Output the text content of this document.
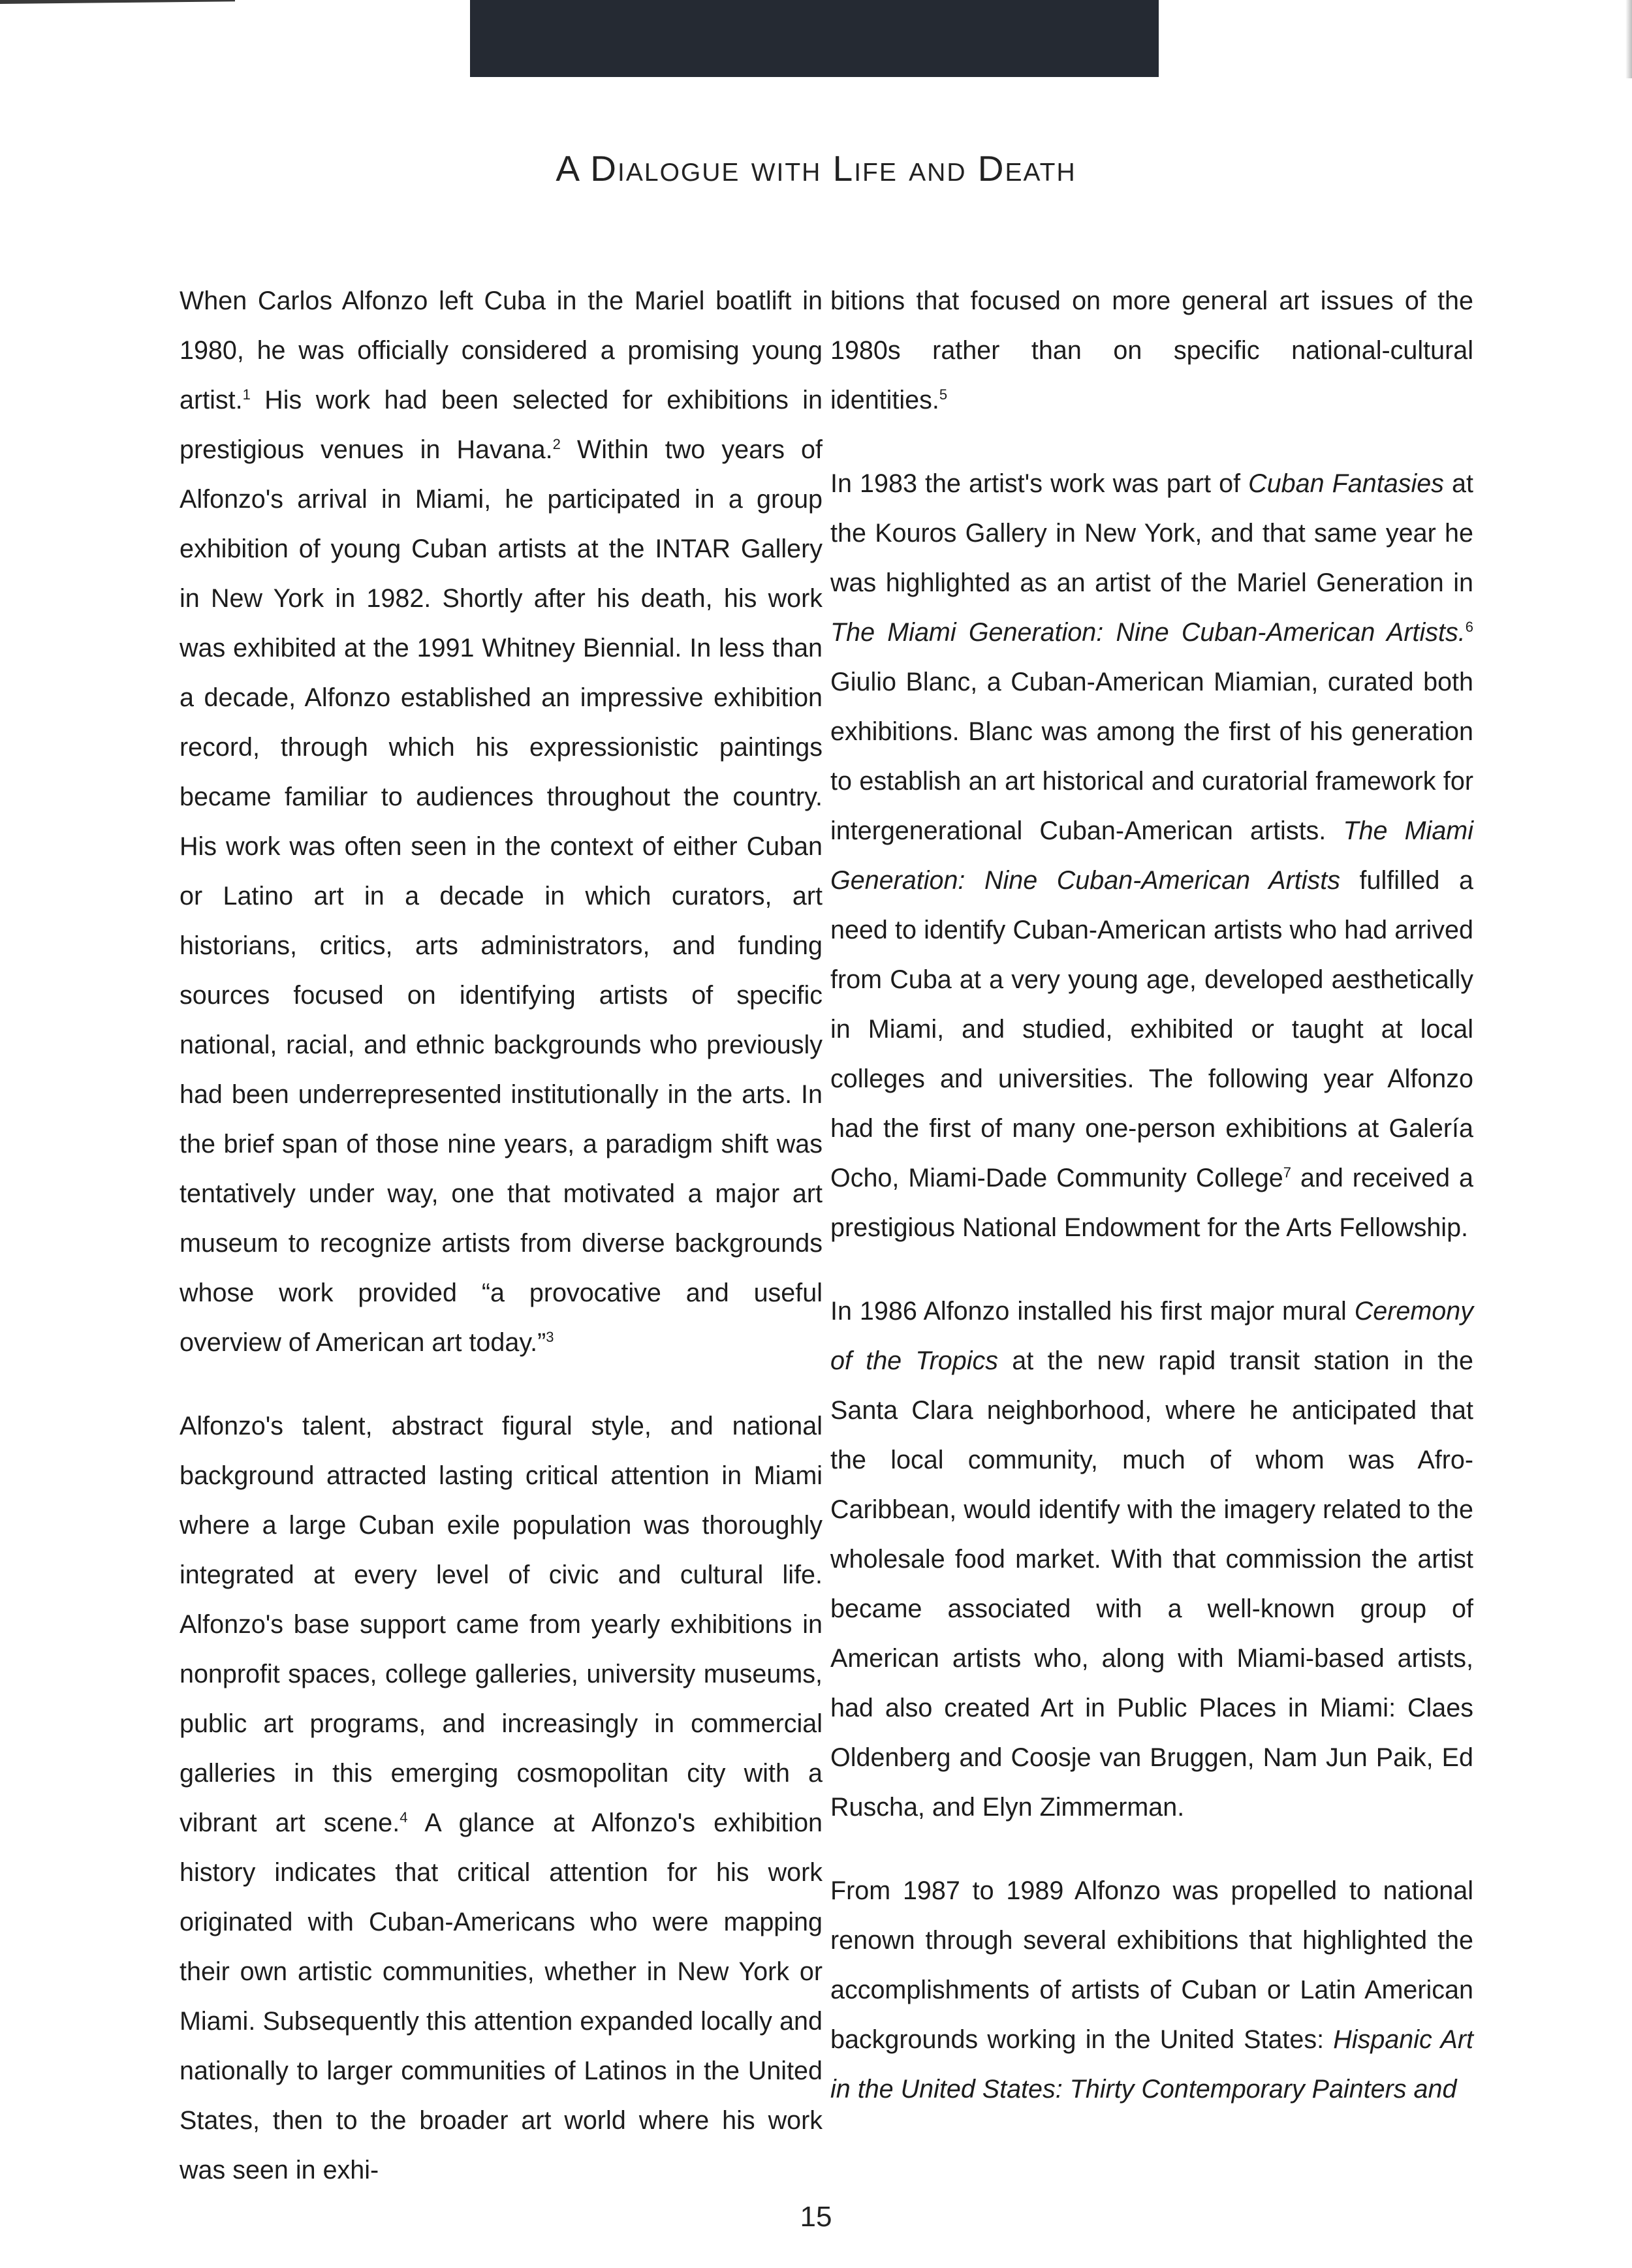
A Dialogue with Life and Death

When Carlos Alfonzo left Cuba in the Mariel boatlift in 1980, he was officially considered a promising young artist.$^1$ His work had been selected for exhibitions in prestigious venues in Havana.$^2$ Within two years of Alfonzo's arrival in Miami, he participated in a group exhibition of young Cuban artists at the INTAR Gallery in New York in 1982. Shortly after his death, his work was exhibited at the 1991 Whitney Biennial. In less than a decade, Alfonzo established an impressive exhibition record, through which his expressionistic paintings became familiar to audiences throughout the country. His work was often seen in the context of either Cuban or Latino art in a decade in which curators, art historians, critics, arts administrators, and funding sources focused on identifying artists of specific national, racial, and ethnic backgrounds who previously had been underrepresented institutionally in the arts. In the brief span of those nine years, a paradigm shift was tentatively under way, one that motivated a major art museum to recognize artists from diverse backgrounds whose work provided “a provocative and useful overview of American art today.”$^3$

Alfonzo's talent, abstract figural style, and national background attracted lasting critical attention in Miami where a large Cuban exile population was thoroughly integrated at every level of civic and cultural life. Alfonzo's base support came from yearly exhibitions in nonprofit spaces, college galleries, university museums, public art programs, and increasingly in commercial galleries in this emerging cosmopolitan city with a vibrant art scene.$^4$ A glance at Alfonzo's exhibition history indicates that critical attention for his work originated with Cuban-Americans who were mapping their own artistic communities, whether in New York or Miami. Subsequently this attention expanded locally and nationally to larger communities of Latinos in the United States, then to the broader art world where his work was seen in exhi-

bitions that focused on more general art issues of the 1980s rather than on specific national-cultural identities.$^5$

In 1983 the artist's work was part of Cuban Fantasies at the Kouros Gallery in New York, and that same year he was highlighted as an artist of the Mariel Generation in The Miami Generation: Nine Cuban-American Artists.$^6$ Giulio Blanc, a Cuban-American Miamian, curated both exhibitions. Blanc was among the first of his generation to establish an art historical and curatorial framework for intergenerational Cuban-American artists. The Miami Generation: Nine Cuban-American Artists fulfilled a need to identify Cuban-American artists who had arrived from Cuba at a very young age, developed aesthetically in Miami, and studied, exhibited or taught at local colleges and universities. The following year Alfonzo had the first of many one-person exhibitions at Galería Ocho, Miami-Dade Community College$^7$ and received a prestigious National Endowment for the Arts Fellowship.

In 1986 Alfonzo installed his first major mural Ceremony of the Tropics at the new rapid transit station in the Santa Clara neighborhood, where he anticipated that the local community, much of whom was Afro-Caribbean, would identify with the imagery related to the wholesale food market. With that commission the artist became associated with a well-known group of American artists who, along with Miami-based artists, had also created Art in Public Places in Miami: Claes Oldenberg and Coosje van Bruggen, Nam Jun Paik, Ed Ruscha, and Elyn Zimmerman.

From 1987 to 1989 Alfonzo was propelled to national renown through several exhibitions that highlighted the accomplishments of artists of Cuban or Latin American backgrounds working in the United States: Hispanic Art in the United States: Thirty Contemporary Painters and

15
